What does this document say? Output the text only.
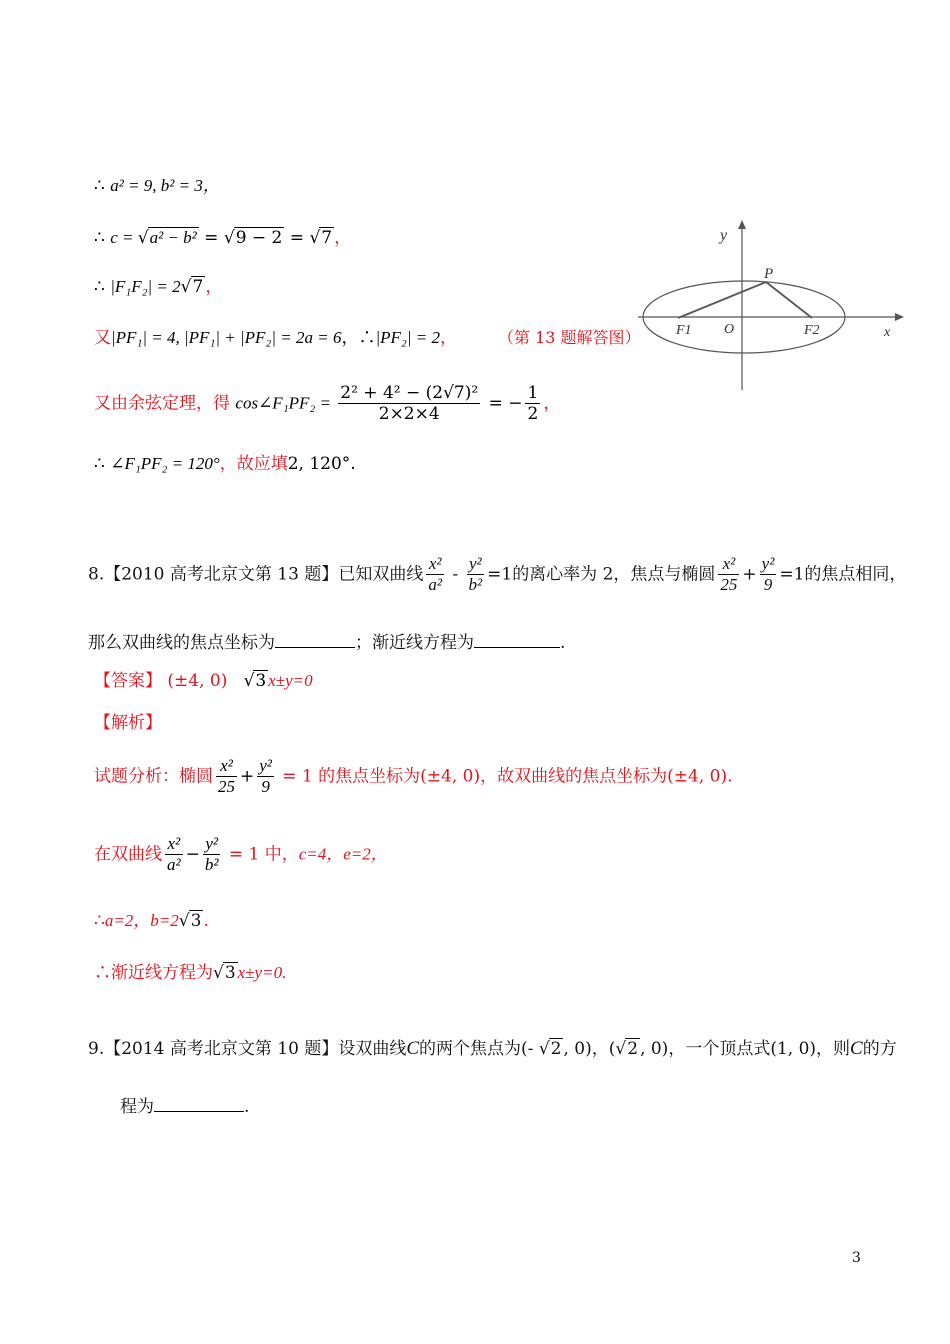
∴ a² = 9, b² = 3，
∴ c = √a² − b² = √9 − 2 = √7 ，
∴ |F₁F₂| = 2√7 ，
又|PF₁| = 4, |PF₁| + |PF₂| = 2a = 6，∴|PF₂| = 2，	（第 13 题解答图）
又由余弦定理，得 cos∠F₁PF₂ = $\frac{\text{2² + 4² − (2√7)²}}{2\times 2\times 4}$ = − $\frac{1}{2}$ ，
∴ ∠F₁PF₂ = 120°，故应填2, 120°.
y
x
P
O
F1	F2
8.【2010 高考北京文第 13 题】已知双曲线 $\frac{\text{x²}}{\text{a²}} - \frac{\text{y²}}{\text{b²}} =1$的离心率为 2，焦点与椭圆 $\frac{\text{x²}}{25} + \frac{\text{y²}}{9} =1$的焦点相同，
那么双曲线的焦点坐标为	；渐近线方程为	.
【答案】 (±4, 0)   √3 x±y=0
【解析】
试题分析：椭圆 $\frac{\text{x²}}{25} + \frac{\text{y²}}{9} = 1$ 的焦点坐标为(±4, 0)，故双曲线的焦点坐标为(±4, 0).
在双曲线 $\frac{\text{x²}}{\text{a²}} - \frac{\text{y²}}{\text{b²}} = 1$ 中，c=4，e=2，
∴a=2，b=2√3 .
∴渐近线方程为√3 x±y=0.
9.【2014 高考北京文第 10 题】设双曲线C的两个焦点为(- √2 , 0)，(√2 , 0)，一个顶点式(1, 0)，则C的方
程为	.
3
